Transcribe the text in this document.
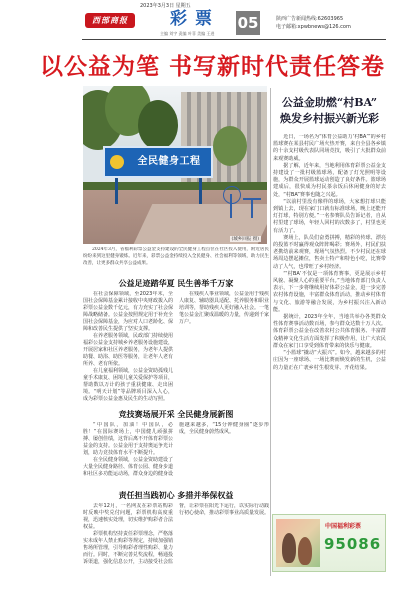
2023年3月3日 星期五
西部商报	彩票
主编 刘宇 责编 叶菲 美编 王进
05	陕西广告新闻热线:62603965
电子邮箱:xpwbnews@126.com
以公益为笔 书写新时代责任答卷
全民健身工程
(城乡回报 摄)

2024年3月，省福利彩票公益金支持建设的全民健身工程点位在社区投入使用，附近居民纷纷来到这里健身锻炼。近年来，彩票公益金持续投入全民健身、社会福利等领域，助力民生改善，让更多群众共享公益成果。

公益足迹踏华夏 民生善举千万家

在社会保障领域，至2023年末，全国社会保障基金累计接收中央财政拨入的彩票公益金数千亿元，有力充实了社会保障战略储备。公益金按照规定用于补充全国社会保障基金，为应对人口老龄化、保障和改善民生提供了坚实支撑。

在养老服务领域，民政部门持续使用福彩公益金支持城乡养老服务设施建设，开展居家和社区养老服务，为老年人提供助餐、助浴、助医等服务，让老年人老有所养、老有所依。

在儿童福利领域，公益金资助孤残儿童手术康复、困境儿童关爱保护等项目，帮助数以万计的孩子重获健康、走出困境。“明天计划”等品牌项目深入人心，成为彩票公益金惠及民生的生动写照。

在残疾人事业领域，公益金用于残疾人康复、辅助器具适配、托养服务和职业培训等，帮助残疾人更好融入社会。一笔笔公益金汇聚成温暖的力量，传递到千家万户。

竞技赛场展开采 全民健身展新图

“中国队，加油！中国队，必胜！”在国际赛场上，中国健儿顽强拼搏、屡创佳绩，这背后离不开体育彩票公益金的支持。公益金用于支持奥运争光计划，助力竞技体育水平不断提升。

在全民健身领域，公益金资助建设了大量全民健身路径、体育公园、健身步道和社区多功能运动场，群众身边的健身设施越来越多，“15分钟健身圈”逐步形成，全民健身蔚然成风。

责任担当践初心 多措并举保权益

去年12月，一名网友在彩票站购彩时反映中奖兑付问题，彩票机构高度重视，迅速核实处理，切实维护购彩者合法权益。

彩票机构坚持责任彩票理念，严格落实未成年人禁止购彩等规定，持续加强销售场所管理，引导购彩者理性购彩、量力而行。同时，不断完善兑奖流程，畅通投诉渠道，强化信息公开，主动接受社会监督，让彩票在阳光下运行，以实际行动践行初心使命，推动彩票事业高质量发展。

公益金助燃“村BA”
焕发乡村振兴新光彩

近日，一场名为“体育公益助力‘村BA’”的乡村篮球赛在某县村民广场火热开赛，来自全县各乡镇的十余支村级代表队同场竞技，吸引了大批群众前来观赛助威。

据了解，近年来，当地利用体育彩票公益金支持建设了一批村级篮球场，配备了灯光照明等设施，为群众开展篮球运动创造了良好条件。篮球场建成后，很快成为村民茶余饭后休闲健身的好去处，“村BA”赛事也随之兴起。

“以前村里没有像样的球场，大家想打球只能到镇上去，现在家门口就有标准球场，晚上还能开灯打球，特别方便。”一名参赛队员告诉记者，自从村里建了球场，年轻人回村的次数多了，村里也更有活力了。

赛场上，队员们奋勇拼搏，精彩的传球、漂亮的投篮不时赢得观众阵阵喝彩；赛场外，村民们扶老携幼前来观赛，现场气氛热烈。不少村民还在球场周边摆起摊位，售卖土特产和特色小吃，比赛带动了人气，也带旺了乡村经济。

“‘村BA’不仅是一项体育赛事，更是展示乡村风貌、凝聚人心的重要平台。”当地体育部门负责人表示，下一步将继续用好体彩公益金，进一步完善农村体育设施，丰富群众体育活动，推动乡村体育与文化、旅游等融合发展，为乡村振兴注入新动能。

据统计，2023年全年，当地共举办各类群众性体育赛事活动数百场，参与群众达数十万人次。体育彩票公益金在改善农村公共体育服务、丰富群众精神文化生活方面发挥了积极作用，让广大农民群众在家门口享受到体育带来的快乐与健康。

“小篮球”撬动“大振兴”。如今，越来越多的村庄因为一座球场、一场比赛而焕发新的生机，公益的力量正在广袤乡村生根发芽、开花结果。

中国福利彩票
95086
